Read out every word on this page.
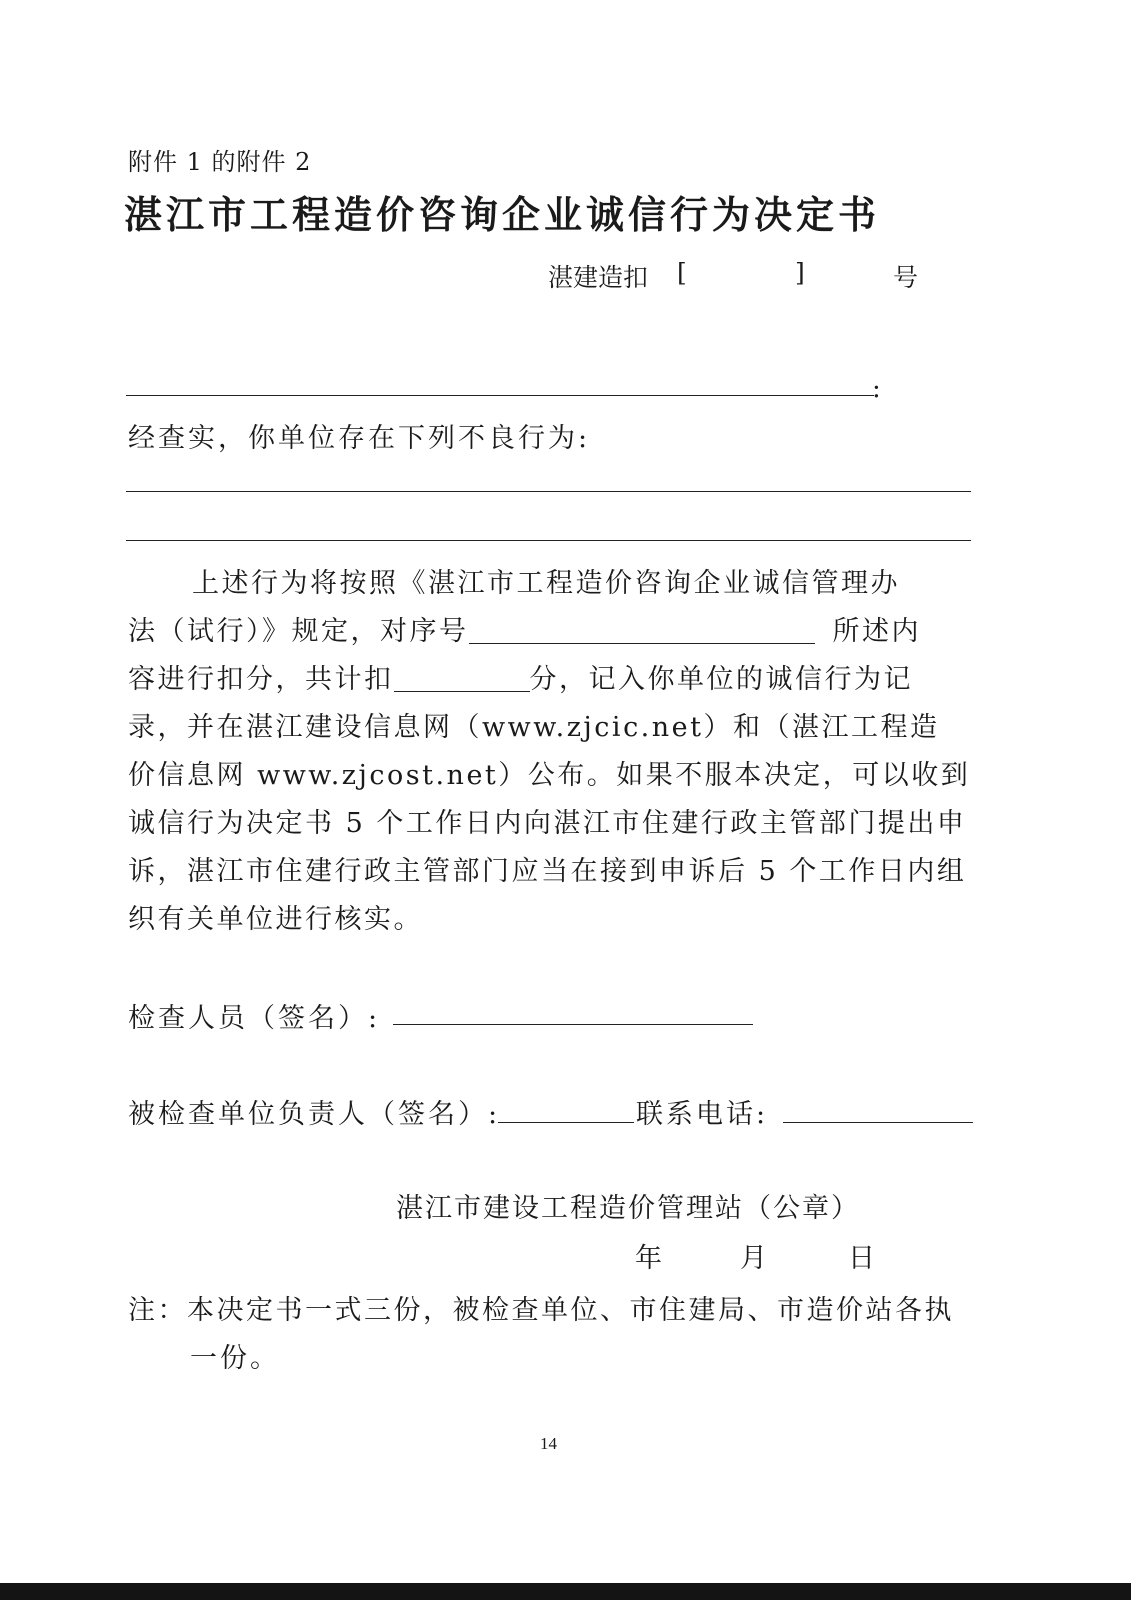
附件 1 的附件 2
湛江市工程造价咨询企业诚信行为决定书
湛建造扣 [	]	号
:
经查实，你单位存在下列不良行为:
上述行为将按照《湛江市工程造价咨询企业诚信管理办
法（试行）》规定，对序号	所述内
容进行扣分，共计扣	分，记入你单位的诚信行为记
录，并在湛江建设信息网（www.zjcic.net）和（湛江工程造
价信息网 www.zjcost.net）公布。如果不服本决定，可以收到
诚信行为决定书 5 个工作日内向湛江市住建行政主管部门提出申
诉，湛江市住建行政主管部门应当在接到申诉后 5 个工作日内组
织有关单位进行核实。
检查人员（签名）:
被检查单位负责人（签名）:	联系电话:
湛江市建设工程造价管理站（公章）
年	月	日
注：本决定书一式三份，被检查单位、市住建局、市造价站各执
一份。
14
